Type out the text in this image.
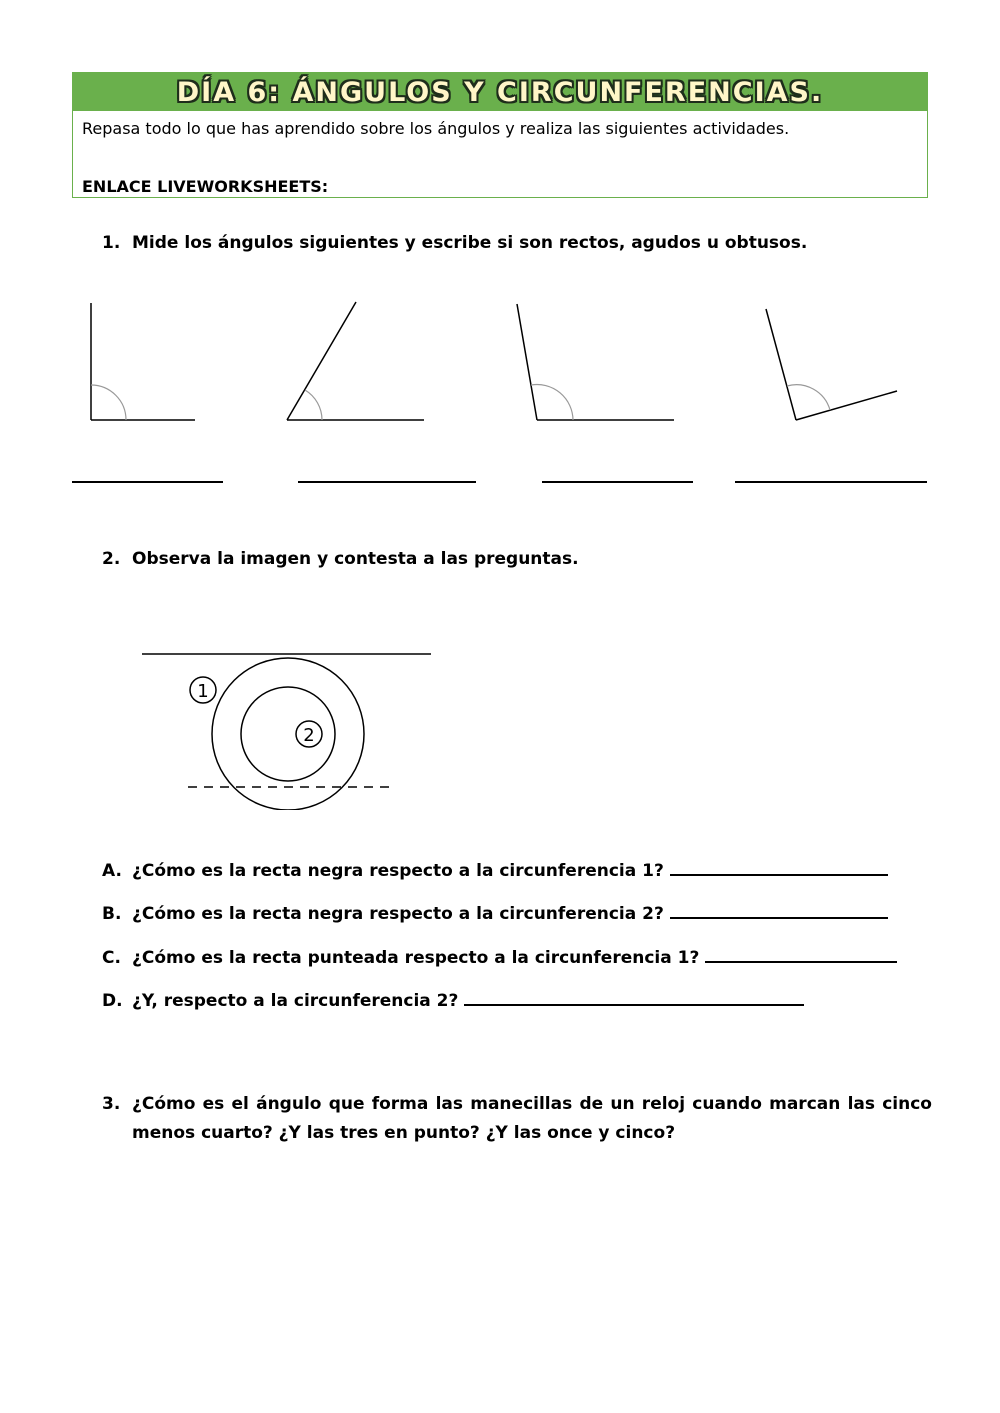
DÍA 6: ÁNGULOS Y CIRCUNFERENCIAS.
Repasa todo lo que has aprendido sobre los ángulos y realiza las siguientes actividades.
ENLACE LIVEWORKSHEETS:
1. Mide los ángulos siguientes y escribe si son rectos, agudos u obtusos.
2. Observa la imagen y contesta a las preguntas.
1
2
A. ¿Cómo es la recta negra respecto a la circunferencia 1?
B. ¿Cómo es la recta negra respecto a la circunferencia 2?
C. ¿Cómo es la recta punteada respecto a la circunferencia 1?
D. ¿Y, respecto a la circunferencia 2?
3. ¿Cómo es el ángulo que forma las manecillas de un reloj cuando marcan las cinco menos cuarto? ¿Y las tres en punto? ¿Y las once y cinco?
